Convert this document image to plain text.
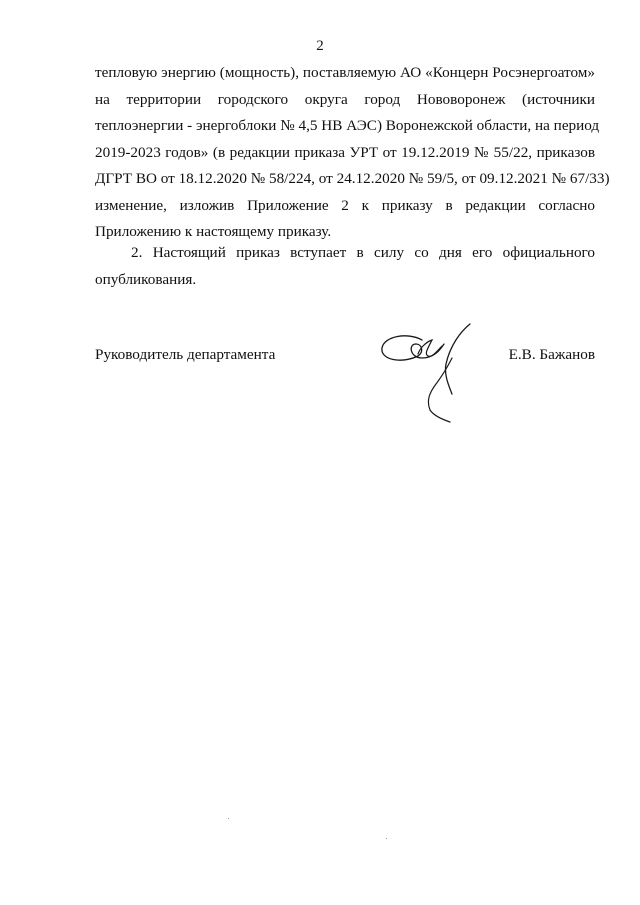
2
тепловую энергию (мощность), поставляемую АО «Концерн Росэнергоатом»
на территории городского округа город Нововоронеж (источники
теплоэнергии - энергоблоки № 4,5 НВ АЭС) Воронежской области, на период
2019-2023 годов» (в редакции приказа УРТ от 19.12.2019 № 55/22, приказов
ДГРТ ВО от 18.12.2020 № 58/224, от 24.12.2020 № 59/5, от 09.12.2021 № 67/33)
изменение, изложив Приложение 2 к приказу в редакции согласно
Приложению к настоящему приказу.
2. Настоящий приказ вступает в силу со дня его официального
опубликования.
Руководитель департамента	Е.В. Бажанов
